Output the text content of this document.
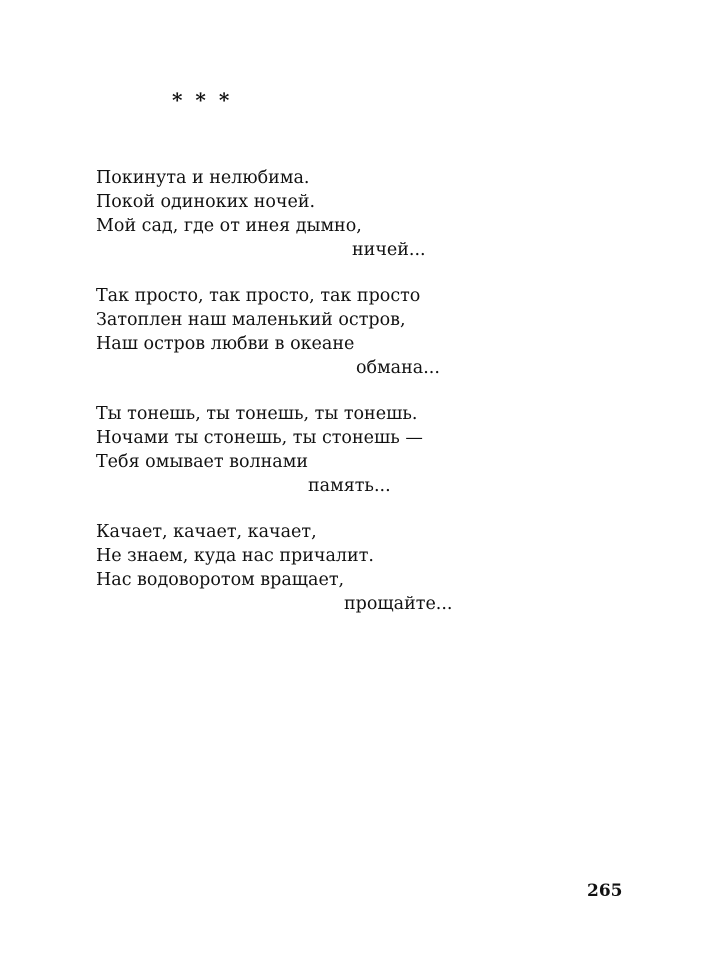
* * *
Покинута и нелюбима.
Покой одиноких ночей.
Мой сад, где от инея дымно,
ничей...
Так просто, так просто, так просто
Затоплен наш маленький остров,
Наш остров любви в океане
обмана...
Ты тонешь, ты тонешь, ты тонешь.
Ночами ты стонешь, ты стонешь —
Тебя омывает волнами
память...
Качает, качает, качает,
Не знаем, куда нас причалит.
Нас водоворотом вращает,
прощайте...
265
